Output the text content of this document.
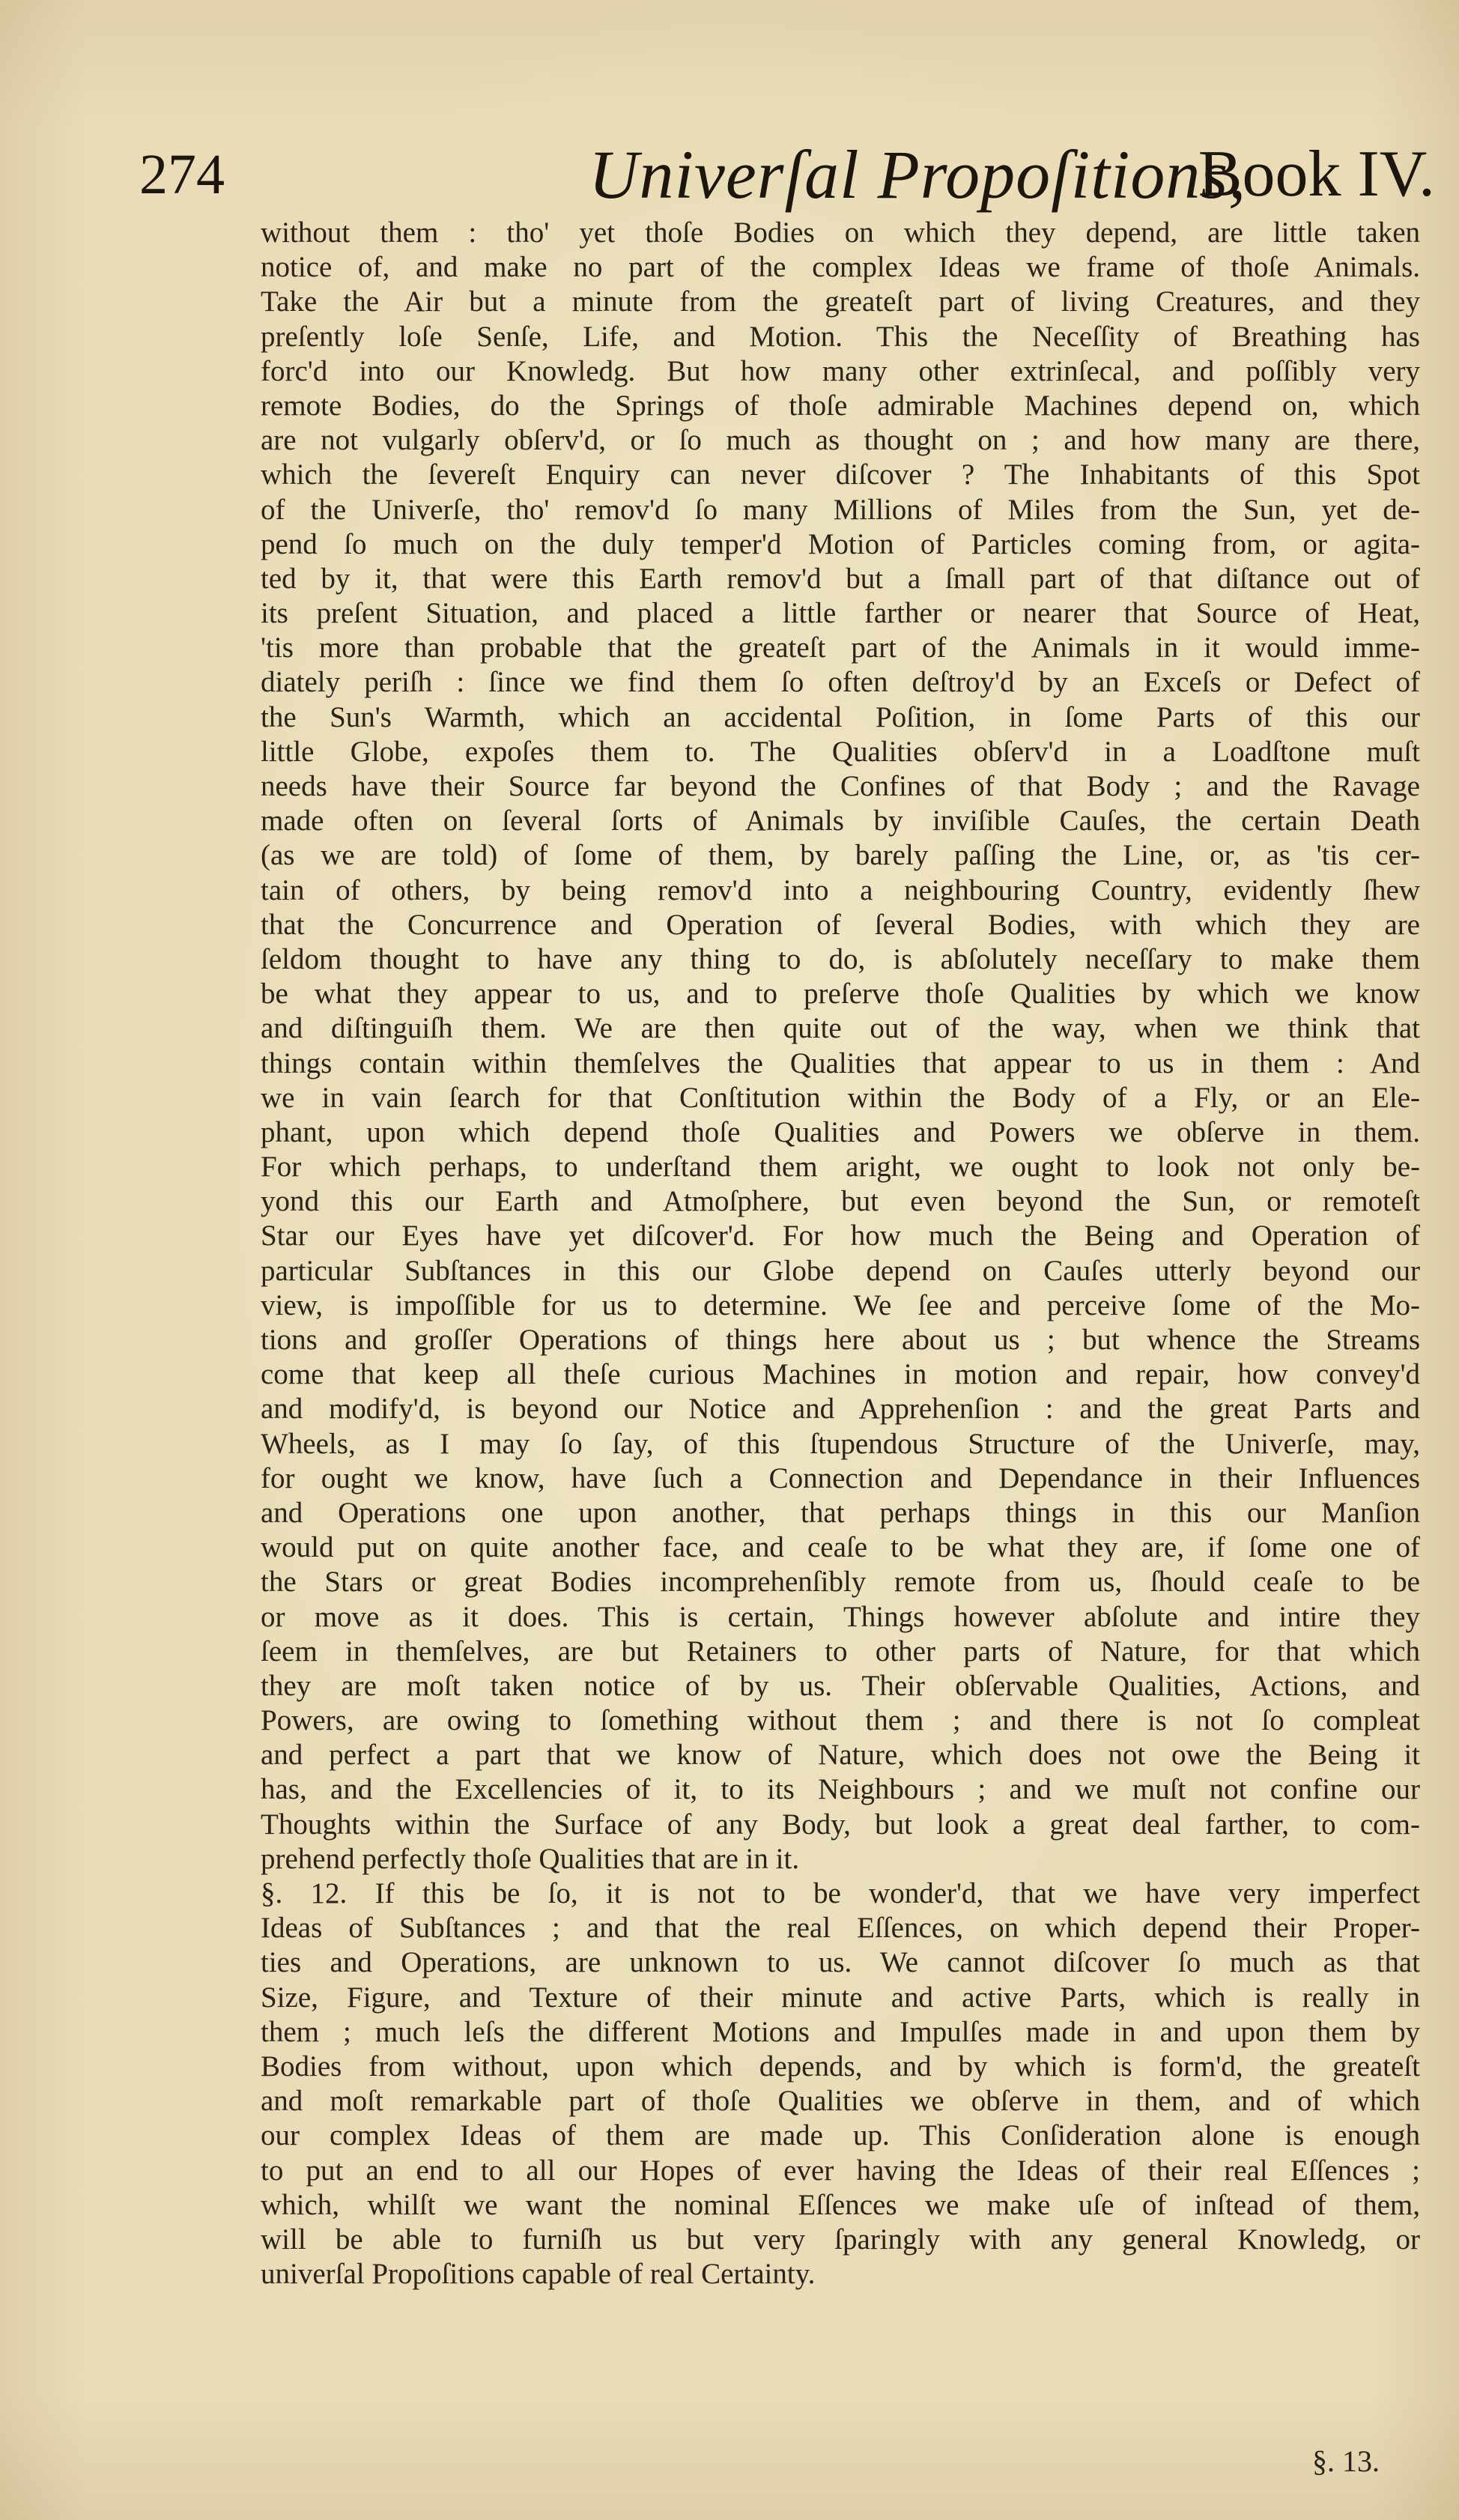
274	Univerſal Propoſitions,
Book IV.
without them : tho' yet thoſe Bodies on which they depend, are little taken
notice of, and make no part of the complex Ideas we frame of thoſe Animals.
Take the Air but a minute from the greateſt part of living Creatures, and they
preſently loſe Senſe, Life, and Motion. This the Neceſſity of Breathing has
forc'd into our Knowledg. But how many other extrinſecal, and poſſibly very
remote Bodies, do the Springs of thoſe admirable Machines depend on, which
are not vulgarly obſerv'd, or ſo much as thought on ; and how many are there,
which the ſevereſt Enquiry can never diſcover ? The Inhabitants of this Spot
of the Univerſe, tho' remov'd ſo many Millions of Miles from the Sun, yet de-
pend ſo much on the duly temper'd Motion of Particles coming from, or agita-
ted by it, that were this Earth remov'd but a ſmall part of that diſtance out of
its preſent Situation, and placed a little farther or nearer that Source of Heat,
'tis more than probable that the greateſt part of the Animals in it would imme-
diately periſh : ſince we find them ſo often deſtroy'd by an Exceſs or Defect of
the Sun's Warmth, which an accidental Poſition, in ſome Parts of this our
little Globe, expoſes them to. The Qualities obſerv'd in a Loadſtone muſt
needs have their Source far beyond the Confines of that Body ; and the Ravage
made often on ſeveral ſorts of Animals by inviſible Cauſes, the certain Death
(as we are told) of ſome of them, by barely paſſing the Line, or, as 'tis cer-
tain of others, by being remov'd into a neighbouring Country, evidently ſhew
that the Concurrence and Operation of ſeveral Bodies, with which they are
ſeldom thought to have any thing to do, is abſolutely neceſſary to make them
be what they appear to us, and to preſerve thoſe Qualities by which we know
and diſtinguiſh them. We are then quite out of the way, when we think that
things contain within themſelves the Qualities that appear to us in them : And
we in vain ſearch for that Conſtitution within the Body of a Fly, or an Ele-
phant, upon which depend thoſe Qualities and Powers we obſerve in them.
For which perhaps, to underſtand them aright, we ought to look not only be-
yond this our Earth and Atmoſphere, but even beyond the Sun, or remoteſt
Star our Eyes have yet diſcover'd. For how much the Being and Operation of
particular Subſtances in this our Globe depend on Cauſes utterly beyond our
view, is impoſſible for us to determine. We ſee and perceive ſome of the Mo-
tions and groſſer Operations of things here about us ; but whence the Streams
come that keep all theſe curious Machines in motion and repair, how convey'd
and modify'd, is beyond our Notice and Apprehenſion : and the great Parts and
Wheels, as I may ſo ſay, of this ſtupendous Structure of the Univerſe, may,
for ought we know, have ſuch a Connection and Dependance in their Influences
and Operations one upon another, that perhaps things in this our Manſion
would put on quite another face, and ceaſe to be what they are, if ſome one of
the Stars or great Bodies incomprehenſibly remote from us, ſhould ceaſe to be
or move as it does. This is certain, Things however abſolute and intire they
ſeem in themſelves, are but Retainers to other parts of Nature, for that which
they are moſt taken notice of by us. Their obſervable Qualities, Actions, and
Powers, are owing to ſomething without them ; and there is not ſo compleat
and perfect a part that we know of Nature, which does not owe the Being it
has, and the Excellencies of it, to its Neighbours ; and we muſt not confine our
Thoughts within the Surface of any Body, but look a great deal farther, to com-
prehend perfectly thoſe Qualities that are in it.
§. 12. If this be ſo, it is not to be wonder'd, that we have very imperfect
Ideas of Subſtances ; and that the real Eſſences, on which depend their Proper-
ties and Operations, are unknown to us. We cannot diſcover ſo much as that
Size, Figure, and Texture of their minute and active Parts, which is really in
them ; much leſs the different Motions and Impulſes made in and upon them by
Bodies from without, upon which depends, and by which is form'd, the greateſt
and moſt remarkable part of thoſe Qualities we obſerve in them, and of which
our complex Ideas of them are made up. This Conſideration alone is enough
to put an end to all our Hopes of ever having the Ideas of their real Eſſences ;
which, whilſt we want the nominal Eſſences we make uſe of inſtead of them,
will be able to furniſh us but very ſparingly with any general Knowledg, or
univerſal Propoſitions capable of real Certainty.
§. 13.
